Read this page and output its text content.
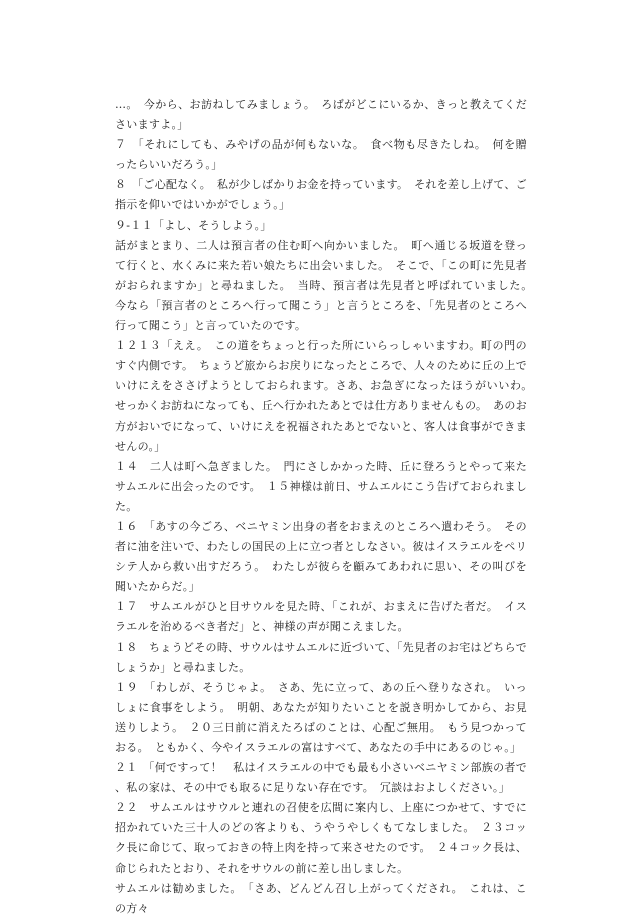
…。　今から、お訪ねしてみましょう。　ろばがどこにいるか、きっと教えてくださいますよ。」

７　「それにしても、みやげの品が何もないな。　食べ物も尽きたしね。　何を贈ったらいいだろう。」

８　「ご心配なく。　私が少しばかりお金を持っています。　それを差し上げて、ご指示を仰いではいかがでしょう。」

９‐１１「よし、そうしよう。」

話がまとまり、二人は預言者の住む町へ向かいました。　町へ通じる坂道を登って行くと、水くみに来た若い娘たちに出会いました。　そこで、「この町に先見者がおられますか」と尋ねました。　当時、預言者は先見者と呼ばれていました。　今なら「預言者のところへ行って聞こう」と言うところを、「先見者のところへ行って聞こう」と言っていたのです。

１２１３「ええ。　この道をちょっと行った所にいらっしゃいますわ。町の門のすぐ内側です。　ちょうど旅からお戻りになったところで、人々のために丘の上でいけにえをささげようとしておられます。さあ、お急ぎになったほうがいいわ。　せっかくお訪ねになっても、丘へ行かれたあとでは仕方ありませんもの。　あのお方がおいでになって、いけにえを祝福されたあとでないと、客人は食事ができませんの。」

１４　二人は町へ急ぎました。　門にさしかかった時、丘に登ろうとやって来たサムエルに出会ったのです。　１５神様は前日、サムエルにこう告げておられました。

１６　「あすの今ごろ、ベニヤミン出身の者をおまえのところへ遣わそう。　その者に油を注いで、わたしの国民の上に立つ者としなさい。彼はイスラエルをペリシテ人から救い出すだろう。　わたしが彼らを顧みてあわれに思い、その叫びを聞いたからだ。」

１７　サムエルがひと目サウルを見た時、「これが、おまえに告げた者だ。　イスラエルを治めるべき者だ」と、神様の声が聞こえました。

１８　ちょうどその時、サウルはサムエルに近づいて、「先見者のお宅はどちらでしょうか」と尋ねました。

１９　「わしが、そうじゃよ。　さあ、先に立って、あの丘へ登りなされ。　いっしょに食事をしよう。　明朝、あなたが知りたいことを説き明かしてから、お見送りしよう。　２０三日前に消えたろばのことは、心配ご無用。　もう見つかっておる。　ともかく、今やイスラエルの富はすべて、あなたの手中にあるのじゃ。」

２１　「何ですって！　私はイスラエルの中でも最も小さいベニヤミン部族の者で、私の家は、その中でも取るに足りない存在です。　冗談はおよしください。」

２２　サムエルはサウルと連れの召使を広間に案内し、上座につかせて、すでに招かれていた三十人のどの客よりも、うやうやしくもてなしました。　２３コック長に命じて、取っておきの特上肉を持って来させたのです。　２４コック長は、命じられたとおり、それをサウルの前に差し出しました。

サムエルは勧めました。　「さあ、どんどん召し上がってくだされ。　これは、この方々
